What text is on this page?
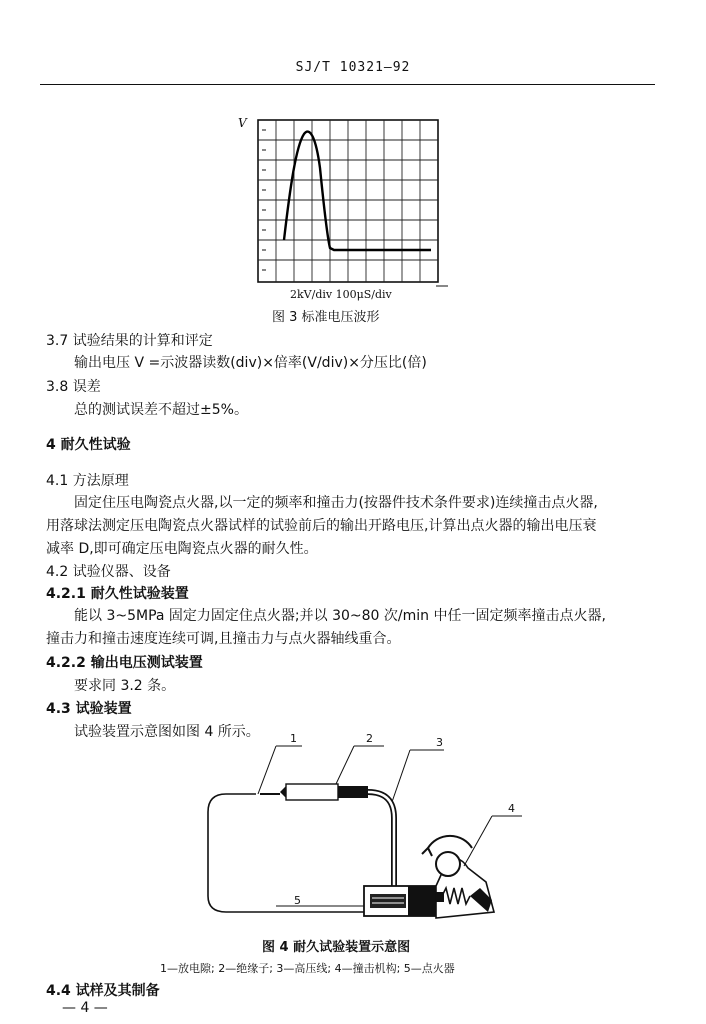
SJ/T 10321—92
V
2kV/div 100μS/div
图 3 标准电压波形
3.7 试验结果的计算和评定
输出电压 V =示波器读数(div)×倍率(V/div)×分压比(倍)
3.8 误差
总的测试误差不超过±5%。
4 耐久性试验
4.1 方法原理
固定住压电陶瓷点火器,以一定的频率和撞击力(按器件技术条件要求)连续撞击点火器,
用落球法测定压电陶瓷点火器试样的试验前后的输出开路电压,计算出点火器的输出电压衰
减率 D,即可确定压电陶瓷点火器的耐久性。
4.2 试验仪器、设备
4.2.1 耐久性试验装置
能以 3~5MPa 固定力固定住点火器;并以 30~80 次/min 中任一固定频率撞击点火器,
撞击力和撞击速度连续可调,且撞击力与点火器轴线重合。
4.2.2 输出电压测试装置
要求同 3.2 条。
4.3 试验装置
试验装置示意图如图 4 所示。	1	2	3
4
5
图 4 耐久试验装置示意图
1—放电隙; 2—绝缘子; 3—高压线; 4—撞击机构; 5—点火器
4.4 试样及其制备
— 4 —
